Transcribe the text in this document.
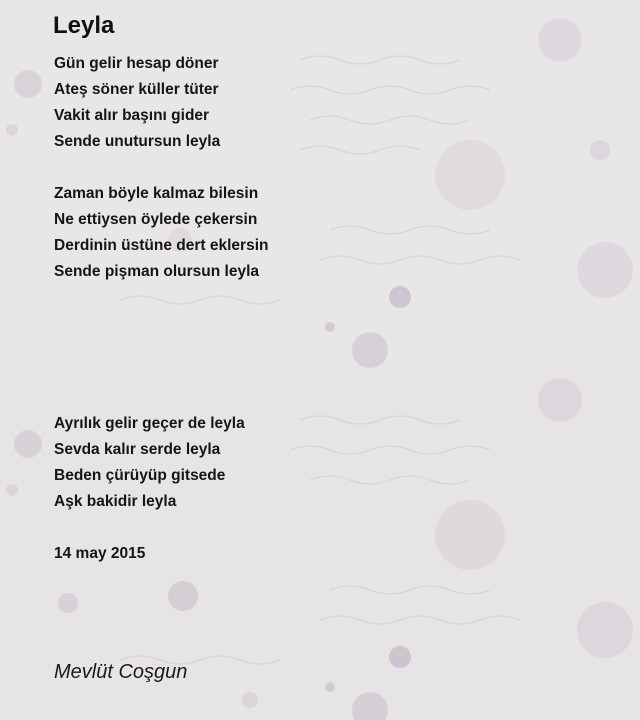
Leyla
Gün gelir hesap döner
Ateş söner küller tüter
Vakit alır başını gider
Sende unutursun leyla
Zaman böyle kalmaz bilesin
Ne ettiysen öylede çekersin
Derdinin üstüne dert eklersin
Sende pişman olursun leyla
Ayrılık gelir geçer de leyla
Sevda kalır serde leyla
Beden çürüyüp gitsede
Aşk bakidir leyla
14 may 2015
Mevlüt Coşgun
